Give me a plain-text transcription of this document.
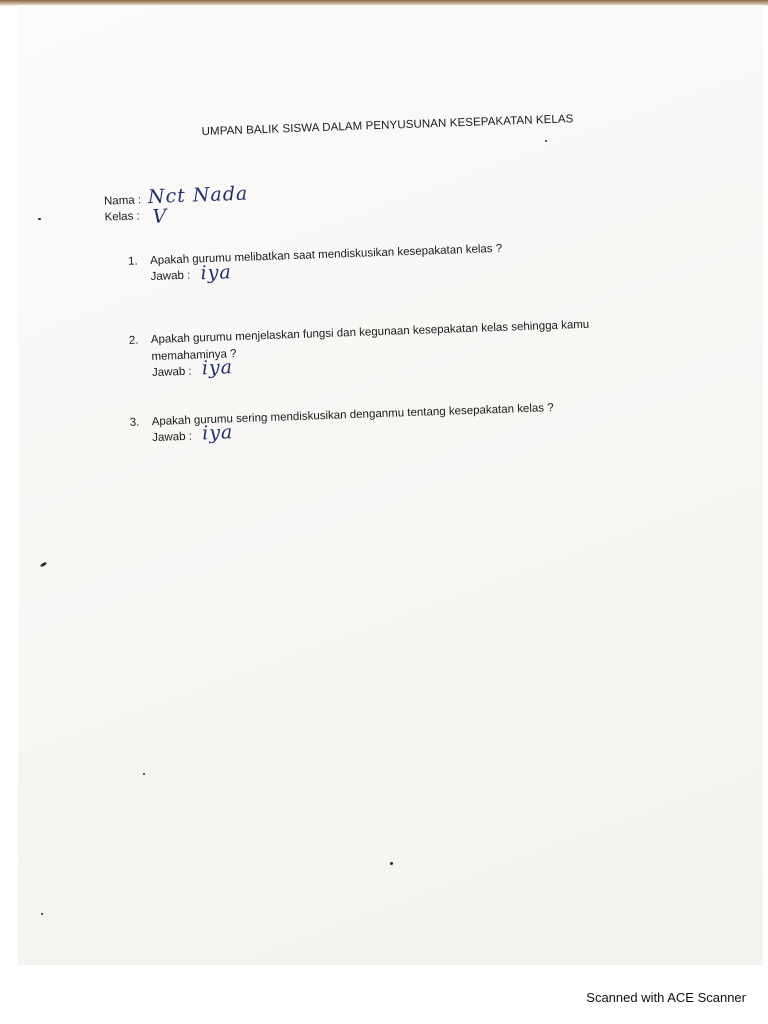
UMPAN BALIK SISWA DALAM PENYUSUNAN KESEPAKATAN KELAS
Nama : Nct Nada
Kelas : V
1. Apakah gurumu melibatkan saat mendiskusikan kesepakatan kelas ?
Jawab : iya
2. Apakah gurumu menjelaskan fungsi dan kegunaan kesepakatan kelas sehingga kamu
memahaminya ?
Jawab : iya
3. Apakah gurumu sering mendiskusikan denganmu tentang kesepakatan kelas ?
Jawab : iya
Scanned with ACE Scanner
